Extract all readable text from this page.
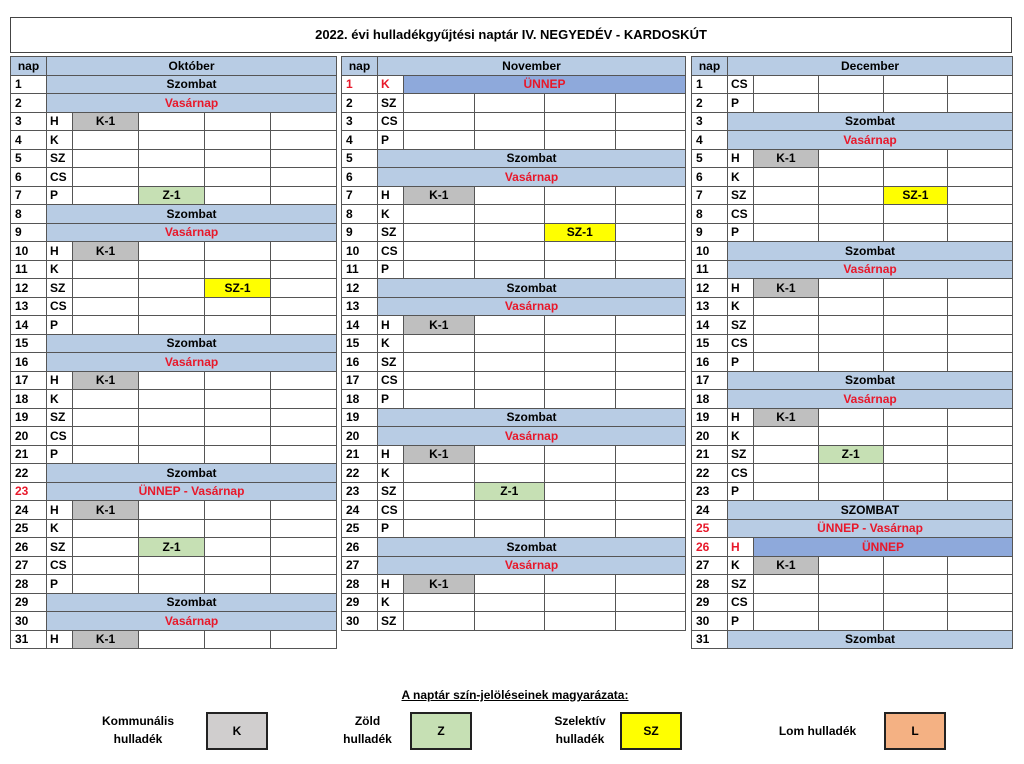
2022. évi hulladékgyűjtési naptár IV. NEGYEDÉV - KARDOSKÚT
nap	Október				
1	Szombat				
2	Vasárnap				
3	H	K-1			
4	K				
5	SZ				
6	CS				
7	P		Z-1		
8	Szombat				
9	Vasárnap				
10	H	K-1			
11	K				
12	SZ			SZ-1	
13	CS				
14	P				
15	Szombat				
16	Vasárnap				
17	H	K-1			
18	K				
19	SZ				
20	CS				
21	P				
22	Szombat				
23	ÜNNEP - Vasárnap				
24	H	K-1			
25	K				
26	SZ		Z-1		
27	CS				
28	P				
29	Szombat				
30	Vasárnap				
31	H	K-1			
nap	November				
1	K	ÜNNEP			
2	SZ				
3	CS				
4	P				
5	Szombat				
6	Vasárnap				
7	H	K-1			
8	K				
9	SZ			SZ-1	
10	CS				
11	P				
12	Szombat				
13	Vasárnap				
14	H	K-1			
15	K				
16	SZ				
17	CS				
18	P				
19	Szombat				
20	Vasárnap				
21	H	K-1			
22	K				
23	SZ		Z-1		
24	CS				
25	P				
26	Szombat				
27	Vasárnap				
28	H	K-1			
29	K				
30	SZ				
nap	December				
1	CS				
2	P				
3	Szombat				
4	Vasárnap				
5	H	K-1			
6	K				
7	SZ			SZ-1	
8	CS				
9	P				
10	Szombat				
11	Vasárnap				
12	H	K-1			
13	K				
14	SZ				
15	CS				
16	P				
17	Szombat				
18	Vasárnap				
19	H	K-1			
20	K				
21	SZ		Z-1		
22	CS				
23	P				
24	SZOMBAT				
25	ÜNNEP - Vasárnap				
26	H	ÜNNEP			
27	K	K-1			
28	SZ				
29	CS				
30	P				
31	Szombat				
A naptár szín-jelöléseinek magyarázata:
Kommunális
hulladék
K
Zöld
hulladék
Z
Szelektív
hulladék
SZ	Lom hulladék	L
